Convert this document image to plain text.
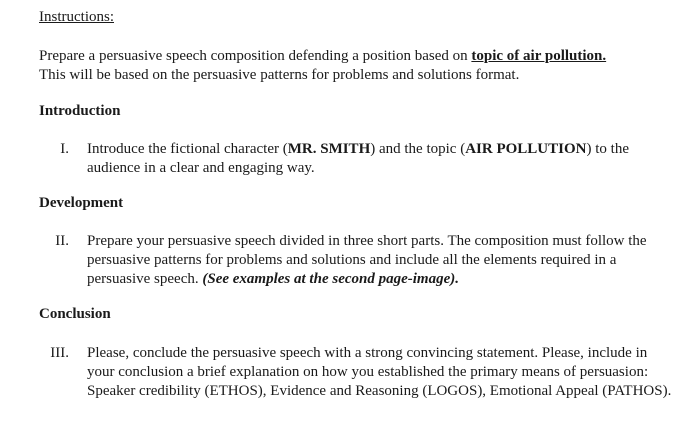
Instructions:
Prepare a persuasive speech composition defending a position based on topic of air pollution.
This will be based on the persuasive patterns for problems and solutions format.
Introduction
I. Introduce the fictional character (MR. SMITH) and the topic (AIR POLLUTION) to the audience in a clear and engaging way.
Development
II. Prepare your persuasive speech divided in three short parts. The composition must follow the persuasive patterns for problems and solutions and include all the elements required in a persuasive speech. (See examples at the second page-image).
Conclusion
III. Please, conclude the persuasive speech with a strong convincing statement. Please, include in your conclusion a brief explanation on how you established the primary means of persuasion: Speaker credibility (ETHOS), Evidence and Reasoning (LOGOS), Emotional Appeal (PATHOS).
